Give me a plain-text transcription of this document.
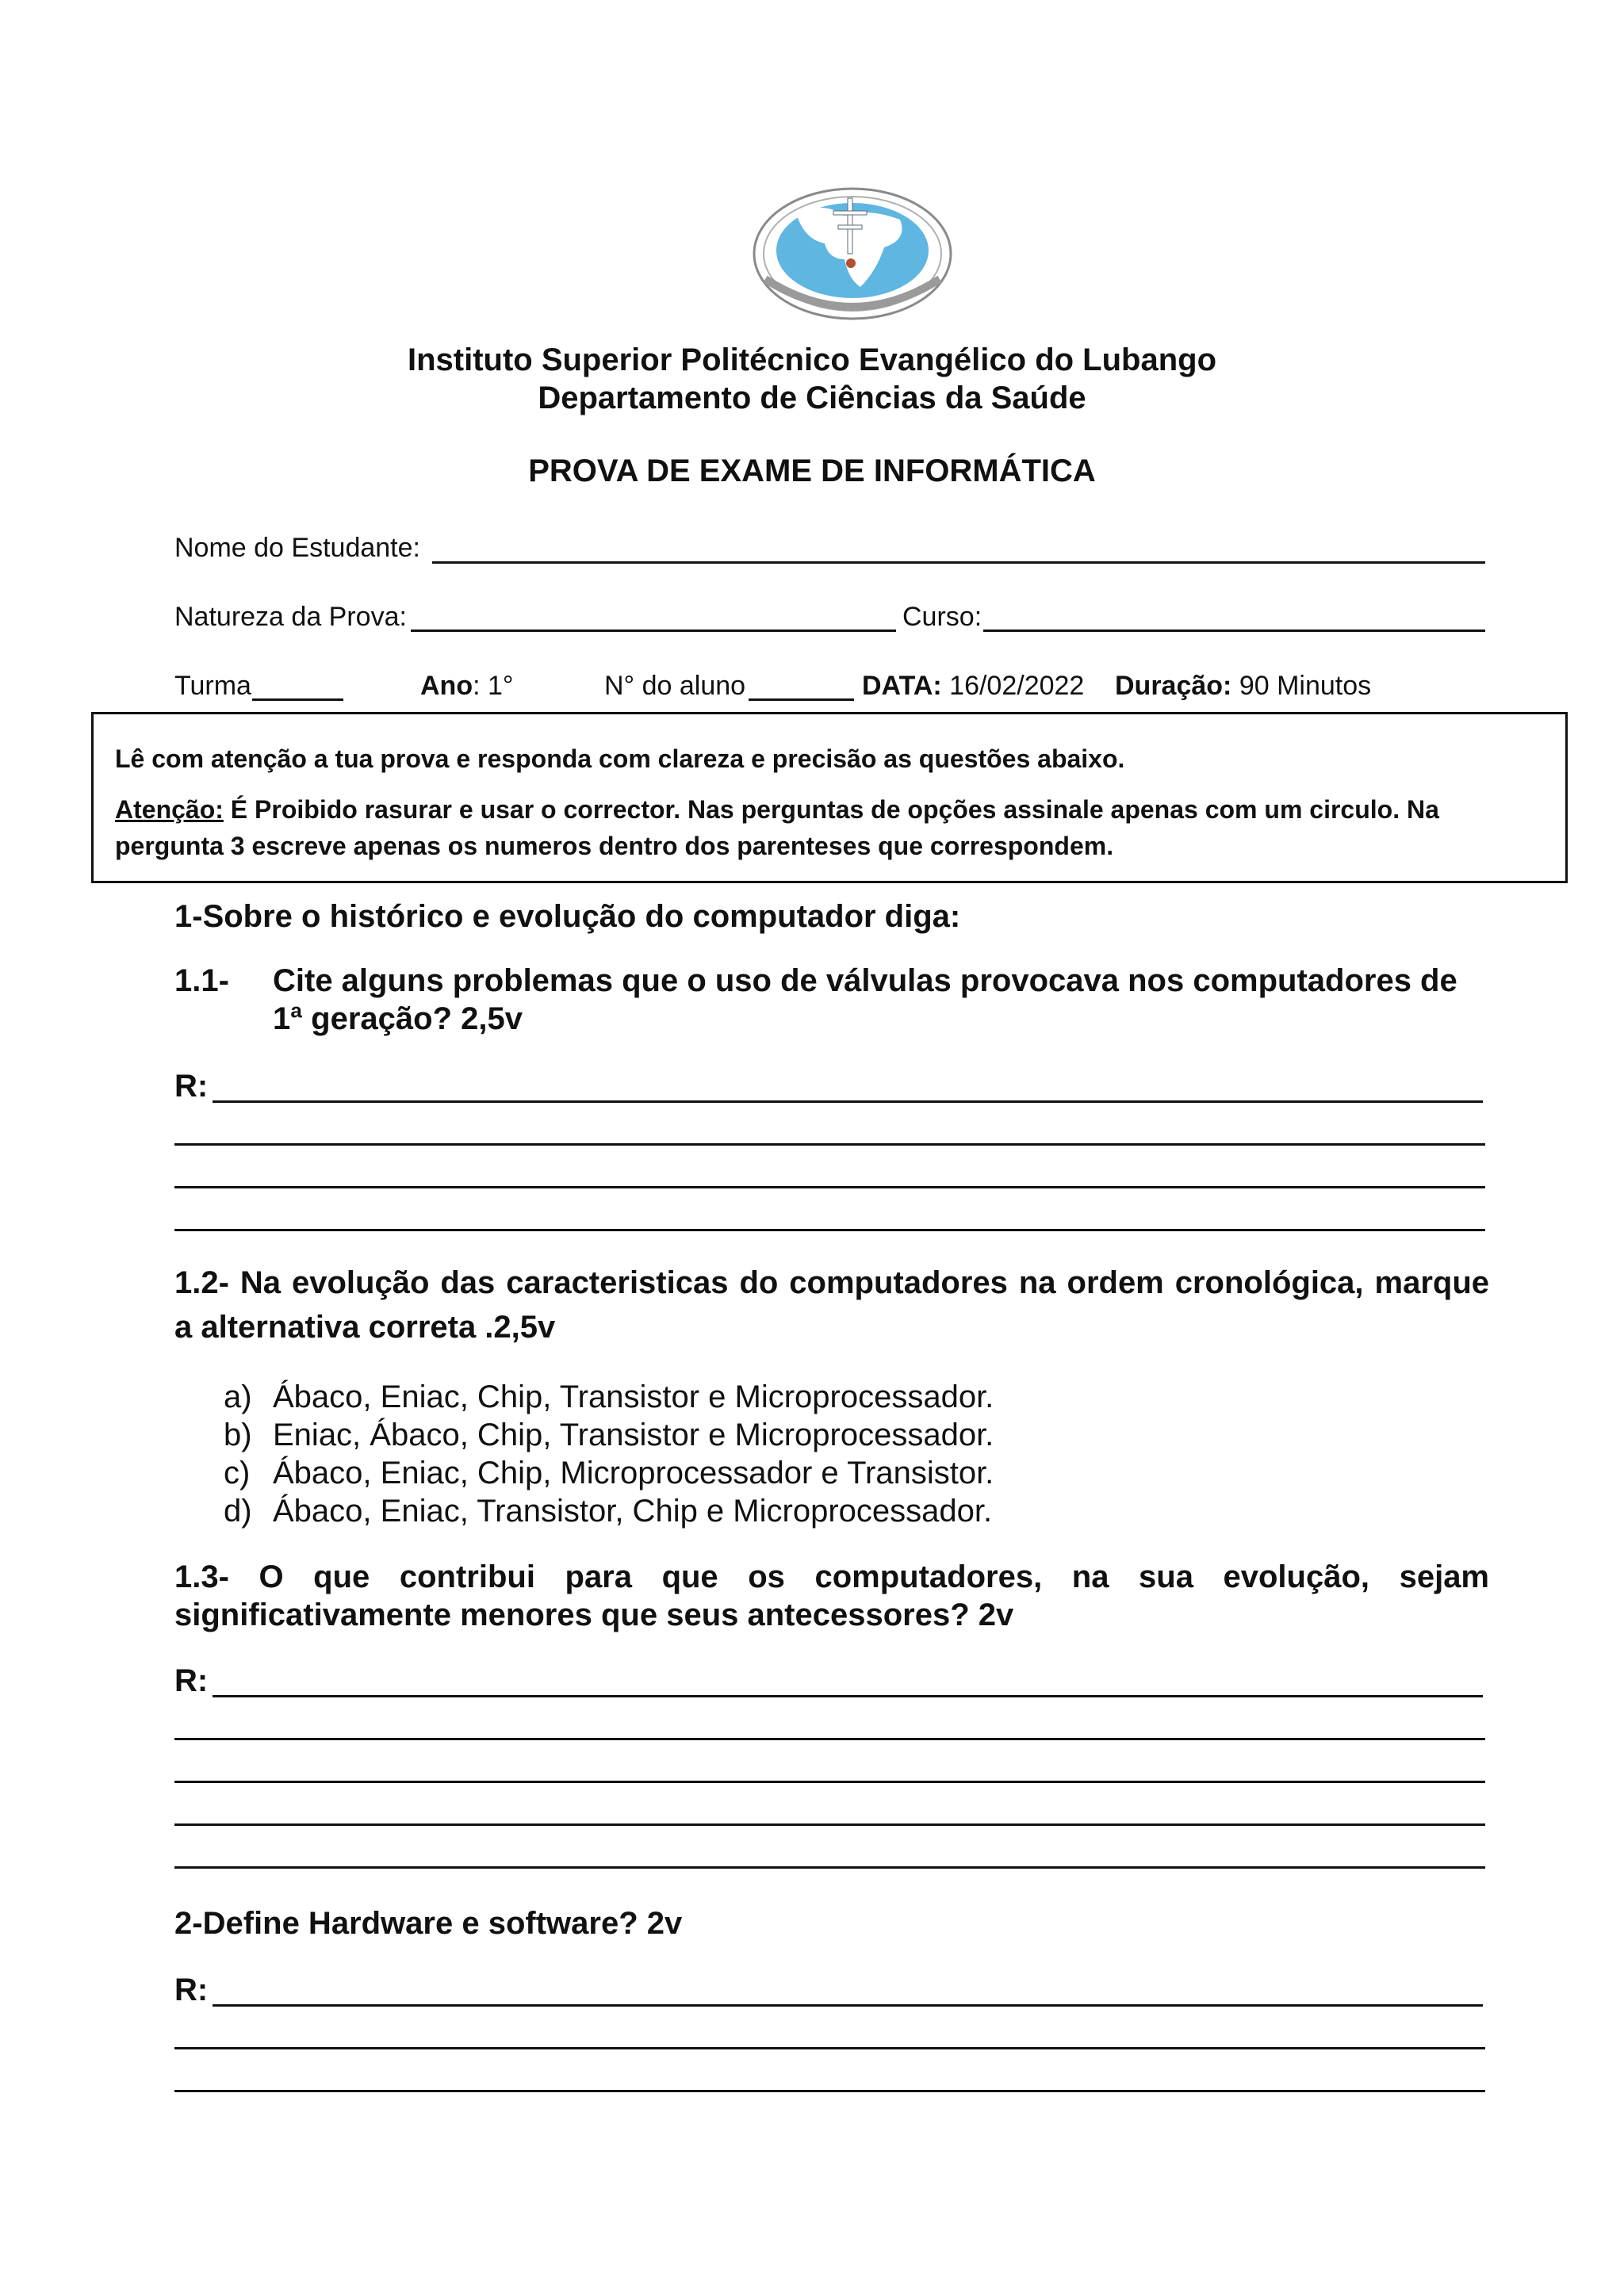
Instituto Superior Politécnico Evangélico do Lubango
Departamento de Ciências da Saúde
PROVA DE EXAME DE INFORMÁTICA
Nome do Estudante:
Natureza da Prova:	Curso:
Turma	Ano: 1°	N° do aluno	DATA: 16/02/2022 Duração: 90 Minutos

Lê com atenção a tua prova e responda com clareza e precisão as questões abaixo.

Atenção: É Proibido rasurar e usar o corrector. Nas perguntas de opções assinale apenas com um circulo. Na

pergunta 3 escreve apenas os numeros dentro dos parenteses que correspondem.

1-Sobre o histórico e evolução do computador diga:
1.1- Cite alguns problemas que o uso de válvulas provocava nos computadores de
1ª geração? 2,5v
R:
1.2- Na evolução das caracteristicas do computadores na ordem cronológica, marque
a alternativa correta .2,5v
a) Ábaco, Eniac, Chip, Transistor e Microprocessador.
b) Eniac, Ábaco, Chip, Transistor e Microprocessador.
c) Ábaco, Eniac, Chip, Microprocessador e Transistor.
d) Ábaco, Eniac, Transistor, Chip e Microprocessador.
1.3- O que contribui para que os computadores, na sua evolução, sejam
significativamente menores que seus antecessores? 2v
R:
2-Define Hardware e software? 2v
R:
